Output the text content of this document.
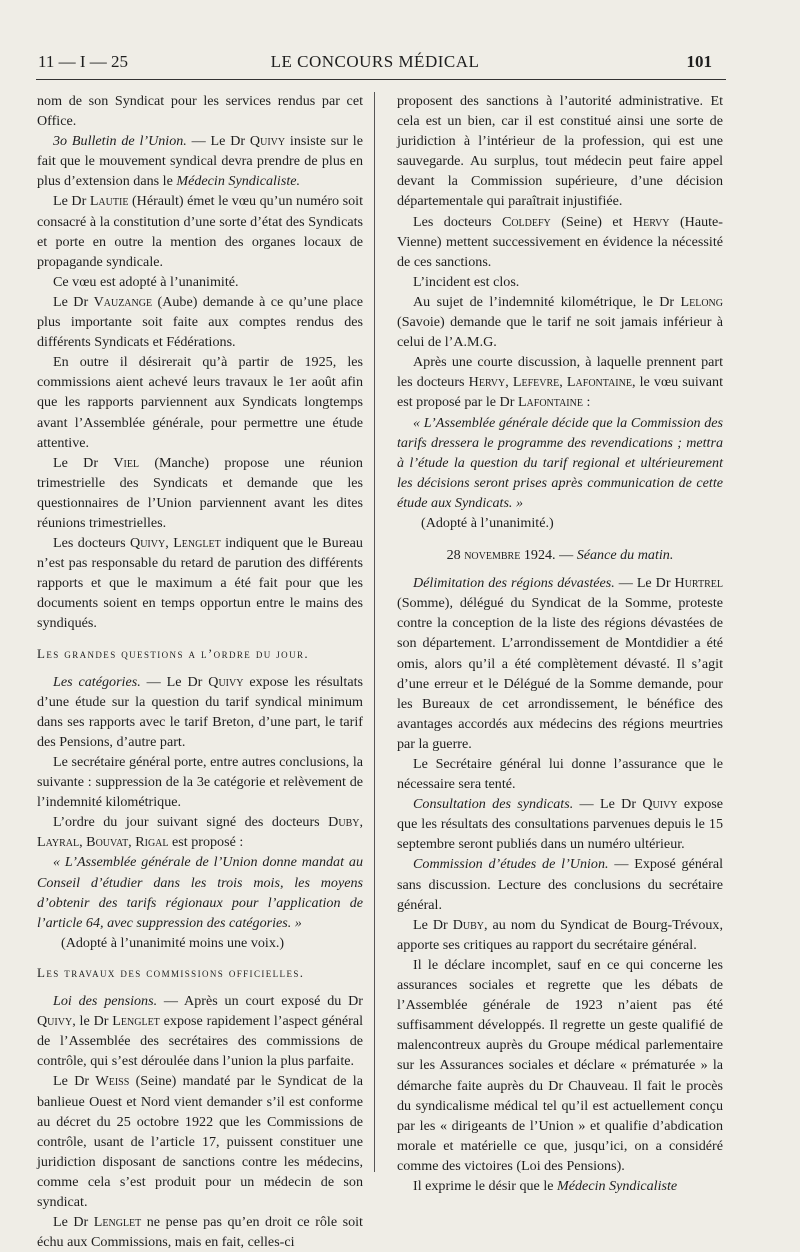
11 — I — 25	LE CONCOURS MÉDICAL	101

nom de son Syndicat pour les services rendus par cet Office.

3o Bulletin de l’Union. — Le Dr Quivy insiste sur le fait que le mouvement syndical devra prendre de plus en plus d’extension dans le Médecin Syndicaliste.

Le Dr Lautie (Hérault) émet le vœu qu’un numéro soit consacré à la constitution d’une sorte d’état des Syndicats et porte en outre la mention des organes locaux de propagande syndicale.

Ce vœu est adopté à l’unanimité.

Le Dr Vauzange (Aube) demande à ce qu’une place plus importante soit faite aux comptes rendus des différents Syndicats et Fédérations.

En outre il désirerait qu’à partir de 1925, les commissions aient achevé leurs travaux le 1er août afin que les rapports parviennent aux Syndicats longtemps avant l’Assemblée générale, pour permettre une étude attentive.

Le Dr Viel (Manche) propose une réunion trimestrielle des Syndicats et demande que les questionnaires de l’Union parviennent avant les dites réunions trimestrielles.

Les docteurs Quivy, Lenglet indiquent que le Bureau n’est pas responsable du retard de parution des différents rapports et que le maximum a été fait pour que les documents soient en temps opportun entre le mains des syndiqués.

Les grandes questions a l’ordre du jour.

Les catégories. — Le Dr Quivy expose les résultats d’une étude sur la question du tarif syndical minimum dans ses rapports avec le tarif Breton, d’une part, le tarif des Pensions, d’autre part.

Le secrétaire général porte, entre autres conclusions, la suivante : suppression de la 3e catégorie et relèvement de l’indemnité kilométrique.

L’ordre du jour suivant signé des docteurs Duby, Layral, Bouvat, Rigal est proposé :

« L’Assemblée générale de l’Union donne mandat au Conseil d’étudier dans les trois mois, les moyens d’obtenir des tarifs régionaux pour l’application de l’article 64, avec suppression des catégories. »

(Adopté à l’unanimité moins une voix.)

Les travaux des commissions officielles.

Loi des pensions. — Après un court exposé du Dr Quivy, le Dr Lenglet expose rapidement l’aspect général de l’Assemblée des secrétaires des commissions de contrôle, qui s’est déroulée dans l’union la plus parfaite.

Le Dr Weiss (Seine) mandaté par le Syndicat de la banlieue Ouest et Nord vient demander s’il est conforme au décret du 25 octobre 1922 que les Commissions de contrôle, usant de l’article 17, puissent constituer une juridiction disposant de sanctions contre les médecins, comme cela s’est produit pour un médecin de son syndicat.

Le Dr Lenglet ne pense pas qu’en droit ce rôle soit échu aux Commissions, mais en fait, celles-ci

proposent des sanctions à l’autorité administrative. Et cela est un bien, car il est constitué ainsi une sorte de juridiction à l’intérieur de la profession, qui est une sauvegarde. Au surplus, tout médecin peut faire appel devant la Commission supérieure, d’une décision départementale qui paraîtrait injustifiée.

Les docteurs Coldefy (Seine) et Hervy (Haute-Vienne) mettent successivement en évidence la nécessité de ces sanctions.

L’incident est clos.

Au sujet de l’indemnité kilométrique, le Dr Lelong (Savoie) demande que le tarif ne soit jamais inférieur à celui de l’A.M.G.

Après une courte discussion, à laquelle prennent part les docteurs Hervy, Lefevre, Lafontaine, le vœu suivant est proposé par le Dr Lafontaine :

« L’Assemblée générale décide que la Commission des tarifs dressera le programme des revendications ; mettra à l’étude la question du tarif regional et ultérieurement les décisions seront prises après communication de cette étude aux Syndicats. »

(Adopté à l’unanimité.)

28 novembre 1924. — Séance du matin.

Délimitation des régions dévastées. — Le Dr Hurtrel (Somme), délégué du Syndicat de la Somme, proteste contre la conception de la liste des régions dévastées de son département. L’arrondissement de Montdidier a été omis, alors qu’il a été complètement dévasté. Il s’agit d’une erreur et le Délégué de la Somme demande, pour les Bureaux de cet arrondissement, le bénéfice des avantages accordés aux médecins des régions meurtries par la guerre.

Le Secrétaire général lui donne l’assurance que le nécessaire sera tenté.

Consultation des syndicats. — Le Dr Quivy expose que les résultats des consultations parvenues depuis le 15 septembre seront publiés dans un numéro ultérieur.

Commission d’études de l’Union. — Exposé général sans discussion. Lecture des conclusions du secrétaire général.

Le Dr Duby, au nom du Syndicat de Bourg-Trévoux, apporte ses critiques au rapport du secrétaire général.

Il le déclare incomplet, sauf en ce qui concerne les assurances sociales et regrette que les débats de l’Assemblée générale de 1923 n’aient pas été suffisamment développés. Il regrette un geste qualifié de malencontreux auprès du Groupe médical parlementaire sur les Assurances sociales et déclare « prématurée » la démarche faite auprès du Dr Chauveau. Il fait le procès du syndicalisme médical tel qu’il est actuellement conçu par les « dirigeants de l’Union » et qualifie d’abdication morale et matérielle ce que, jusqu’ici, on a considéré comme des victoires (Loi des Pensions).

Il exprime le désir que le Médecin Syndicaliste
